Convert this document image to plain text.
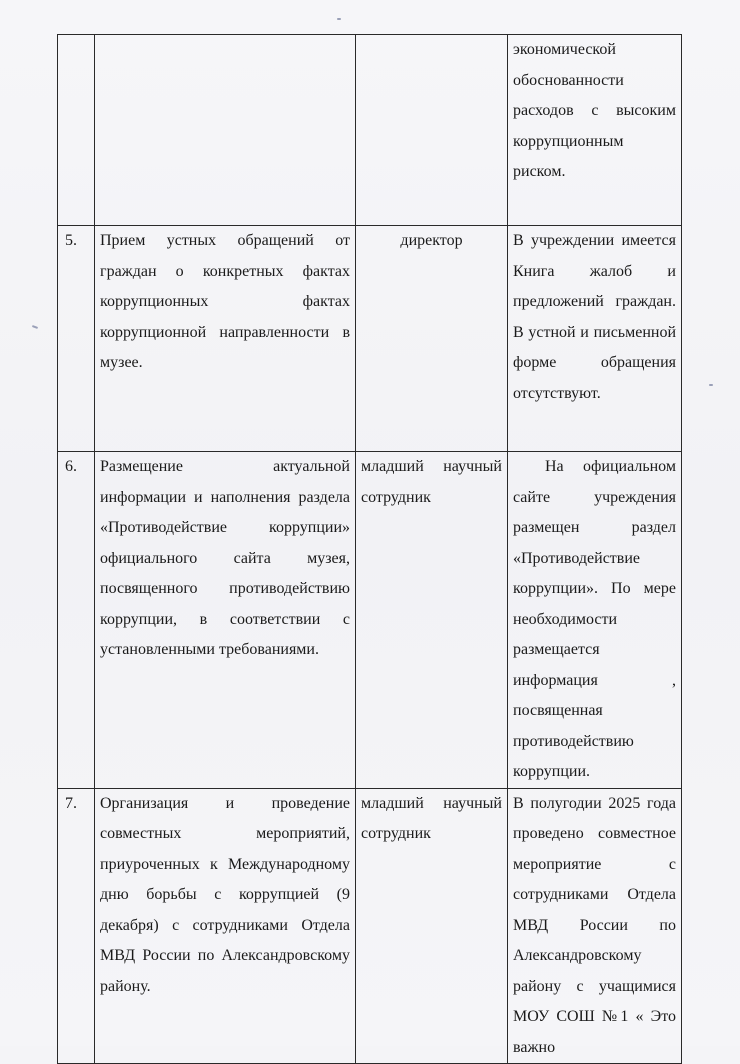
			экономической обоснованности расходов с высоким коррупционным риском.
5.	Прием устных обращений от граждан о конкретных фактах коррупционных фактах коррупционной направленности в музее.	директор	В учреждении имеется Книга жалоб и предложений граждан. В устной и письменной форме обращения отсутствуют.
6.	Размещение актуальной информации и наполнения раздела «Противодействие коррупции» официального сайта музея, посвященного противодействию коррупции, в соответствии с установленными требованиями.	младший научный сотрудник	На официальном сайте учреждения размещен раздел «Противодействие коррупции». По мере необходимости размещается информация , посвященная противодействию коррупции.
7.	Организация и проведение совместных мероприятий, приуроченных к Международному дню борьбы с коррупцией (9 декабря) с сотрудниками Отдела МВД России по Александровскому району.	младший научный сотрудник	В полугодии 2025 года проведено совместное мероприятие с сотрудниками Отдела МВД России по Александровскому району с учащимися МОУ СОШ №1 « Это важно
